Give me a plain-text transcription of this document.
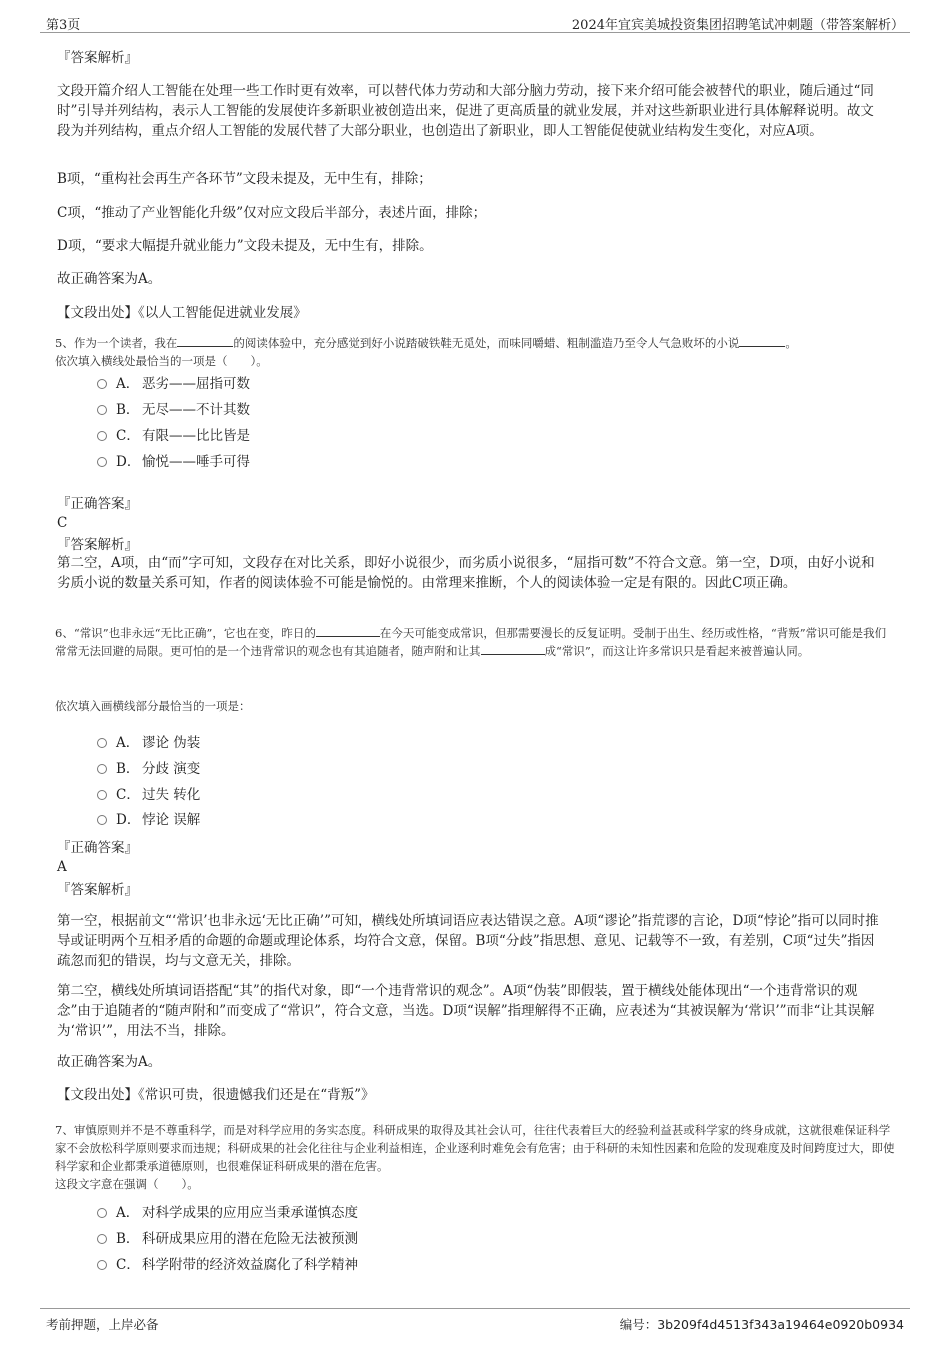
第3页	2024年宜宾美城投资集团招聘笔试冲刺题（带答案解析）
『答案解析』
文段开篇介绍人工智能在处理一些工作时更有效率，可以替代体力劳动和大部分脑力劳动，接下来介绍可能会被替代的职业，随后通过“同时”引导并列结构，表示人工智能的发展使许多新职业被创造出来，促进了更高质量的就业发展，并对这些新职业进行具体解释说明。故文段为并列结构，重点介绍人工智能的发展代替了大部分职业，也创造出了新职业，即人工智能促使就业结构发生变化，对应A项。
B项，“重构社会再生产各环节”文段未提及，无中生有，排除；
C项，“推动了产业智能化升级”仅对应文段后半部分，表述片面，排除；
D项，“要求大幅提升就业能力”文段未提及，无中生有，排除。
故正确答案为A。
【文段出处】《以人工智能促进就业发展》
5、作为一个读者，我在	的阅读体验中，充分感觉到好小说踏破铁鞋无觅处，而味同嚼蜡、粗制滥造乃至令人气急败坏的小说	。
依次填入横线处最恰当的一项是（　　）。
A． 恶劣——屈指可数
B． 无尽——不计其数
C． 有限——比比皆是
D． 愉悦——唾手可得
『正确答案』
C
『答案解析』
第二空，A项，由“而”字可知，文段存在对比关系，即好小说很少，而劣质小说很多，“屈指可数”不符合文意。第一空，D项，由好小说和劣质小说的数量关系可知，作者的阅读体验不可能是愉悦的。由常理来推断，个人的阅读体验一定是有限的。因此C项正确。
6、“常识”也非永远“无比正确”，它也在变，昨日的	在今天可能变成常识，但那需要漫长的反复证明。受制于出生、经历或性格，“背叛”常识可能是我们常常无法回避的局限。更可怕的是一个违背常识的观念也有其追随者，随声附和让其	成“常识”，而这让许多常识只是看起来被普遍认同。
依次填入画横线部分最恰当的一项是：
A． 谬论 伪装
B． 分歧 演变
C． 过失 转化
D． 悖论 误解
『正确答案』
A
『答案解析』
第一空，根据前文“‘常识’也非永远‘无比正确’”可知，横线处所填词语应表达错误之意。A项“谬论”指荒谬的言论，D项“悖论”指可以同时推导或证明两个互相矛盾的命题的命题或理论体系，均符合文意，保留。B项“分歧”指思想、意见、记载等不一致，有差别，C项“过失”指因疏忽而犯的错误，均与文意无关，排除。
第二空，横线处所填词语搭配“其”的指代对象，即“一个违背常识的观念”。A项“伪装”即假装，置于横线处能体现出“一个违背常识的观念”由于追随者的“随声附和”而变成了“常识”，符合文意，当选。D项“误解”指理解得不正确，应表述为“其被误解为‘常识’”而非“让其误解为‘常识’”，用法不当，排除。
故正确答案为A。
【文段出处】《常识可贵，很遗憾我们还是在“背叛”》
7、审慎原则并不是不尊重科学，而是对科学应用的务实态度。科研成果的取得及其社会认可，往往代表着巨大的经验利益甚或科学家的终身成就，这就很难保证科学家不会放松科学原则要求而违规；科研成果的社会化往往与企业利益相连，企业逐利时难免会有危害；由于科研的未知性因素和危险的发现难度及时间跨度过大，即使科学家和企业都秉承道德原则，也很难保证科研成果的潜在危害。
这段文字意在强调（　　）。
A． 对科学成果的应用应当秉承谨慎态度
B． 科研成果应用的潜在危险无法被预测
C． 科学附带的经济效益腐化了科学精神
考前押题，上岸必备	编号：3b209f4d4513f343a19464e0920b0934
